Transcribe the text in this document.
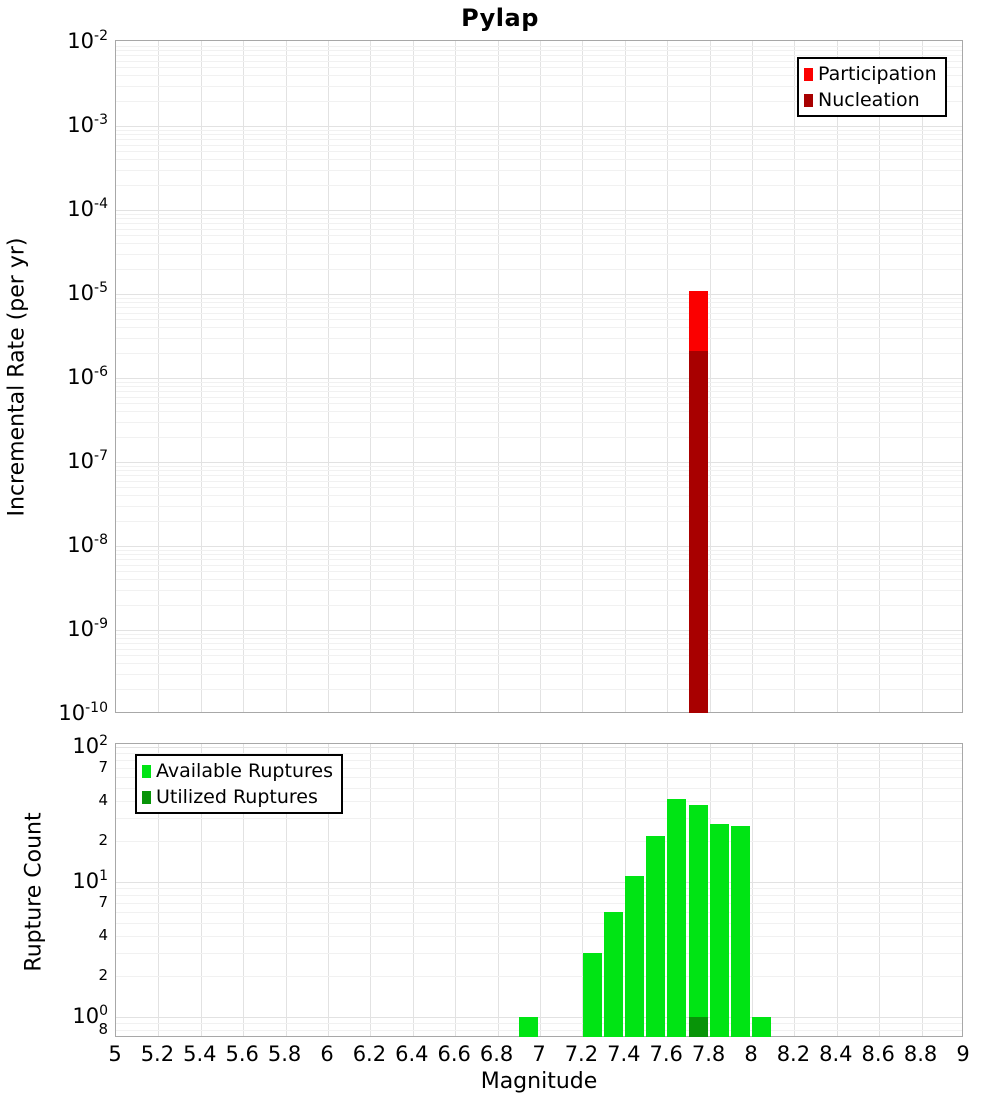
Pylap
Incremental Rate (per yr)
Rupture Count
Magnitude
$10^{-2}$
$10^{-3}$
$10^{-4}$
$10^{-5}$
$10^{-6}$
$10^{-7}$
$10^{-8}$
$10^{-9}$
$10^{-10}$
$10^2$
$10^1$
$10^0$
7
4
2
7
4
2
8
5 5.2 5.4 5.6 5.8 6 6.2 6.4 6.6 6.8 7 7.2 7.4 7.6 7.8 8 8.2 8.4 8.6 8.8 9
Participation
Nucleation
Available Ruptures
Utilized Ruptures
